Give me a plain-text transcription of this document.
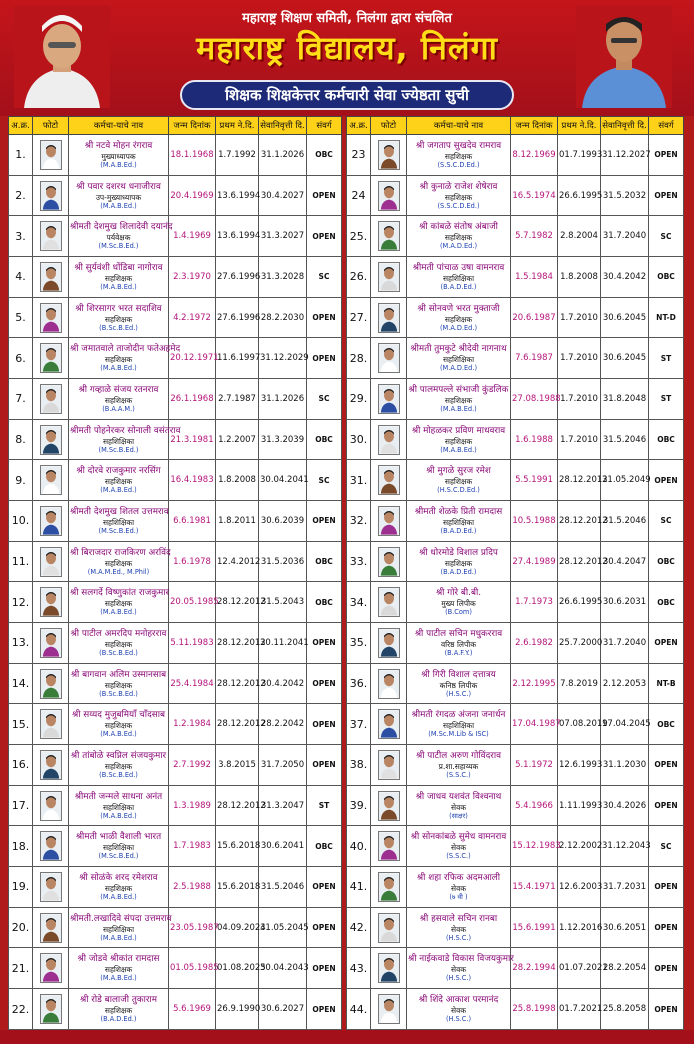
महाराष्ट्र शिक्षण समिती, निलंगा द्वारा संचलित
महाराष्ट्र विद्यालय, निलंगा
शिक्षक शिक्षकेत्तर कर्मचारी सेवा ज्येष्ठता सुची
अ.क्र.	फोटो	कर्मचा-याचे नाव	जन्म दिनांक	प्रथम ने.दि.	सेवानिवृत्ती दि.	संवर्ग
1.		श्री नटवे मोहन रंगराव
मुख्याध्यापक
(M.A.B.Ed.)	18.1.1968	1.7.1992	31.1.2026	OBC
2.		श्री पवार दशरथ धनाजीराव
उप-मुख्याध्यापक
(M.A.B.Ed.)	20.4.1969	13.6.1994	30.4.2027	OPEN
3.		श्रीमती देशमुख शिलादेवी दयानंद
पर्यवेक्षक
(M.Sc.B.Ed.)	1.4.1969	13.6.1994	31.3.2027	OPEN
4.		श्री सुर्यवंशी धोंडिबा नागोराव
सहशिक्षक
(M.A.B.Ed.)	2.3.1970	27.6.1996	31.3.2028	SC
5.		श्री शिरसागर भरत सदाशिव
सहशिक्षक
(B.Sc.B.Ed.)	4.2.1972	27.6.1996	28.2.2030	OPEN
6.		श्री जमातवाले ताजोदीन फतेअहमेद
सहशिक्षक
(M.A.B.Ed.)	20.12.1971	11.6.1997	31.12.2029	OPEN
7.		श्री गव्हाळे संजय रतनराव
सहशिक्षक
(B.A.A.M.)	26.1.1968	2.7.1987	31.1.2026	SC
8.		श्रीमती पोहनेरकर सोनाली वसंतराव
सहशिक्षिका
(M.Sc.B.Ed.)	21.3.1981	1.2.2007	31.3.2039	OBC
9.		श्री दोरवे राजकुमार नरसिंग
सहशिक्षक
(M.A.B.Ed.)	16.4.1983	1.8.2008	30.04.2041	SC
10.		श्रीमती देशमुख शितल उत्तमराव
सहशिक्षिका
(M.Sc.B.Ed.)	6.6.1981	1.8.2011	30.6.2039	OPEN
11.		श्री बिराजदार राजकिरण अरविंद
सहशिक्षक
(M.A.M.Ed., M.Phil)	1.6.1978	12.4.2012	31.5.2036	OBC
12.		श्री सलगर्दे विष्णुकांत राजकुमार
सहशिक्षक
(M.A.B.Ed.)	20.05.1985	28.12.2012	31.5.2043	OBC
13.		श्री पाटील अमरदिप मनोहरराव
सहशिक्षक
(B.Sc.B.Ed.)	5.11.1983	28.12.2012	30.11.2041	OPEN
14.		श्री बागवान अलिम उस्मानसाब
सहशिक्षक
(B.Sc.B.Ed.)	25.4.1984	28.12.2012	30.4.2042	OPEN
15.		श्री सय्यद मुजुबमियाँ चाँदसाब
सहशिक्षक
(M.A.B.Ed.)	1.2.1984	28.12.2012	28.2.2042	OPEN
16.		श्री तांबोळे स्वप्निल संजयकुमार
सहशिक्षक
(B.Sc.B.Ed.)	2.7.1992	3.8.2015	31.7.2050	OPEN
17.		श्रीमती जन्मले साधना अनंत
सहशिक्षिका
(M.A.B.Ed.)	1.3.1989	28.12.2012	31.3.2047	ST
18.		श्रीमती भाळी वैशाली भारत
सहशिक्षिका
(M.Sc.B.Ed.)	1.7.1983	15.6.2018	30.6.2041	OBC
19.		श्री सोळंके शरद रमेशराव
सहशिक्षक
(M.A.B.Ed.)	2.5.1988	15.6.2018	31.5.2046	OPEN
20.		श्रीमती.लखादिवे संपदा उत्तमराव
सहशिक्षिका
(M.A.B.Ed.)	23.05.1987	04.09.2024	31.05.2045	OPEN
21.		श्री जोडवे श्रीकांत रामदास
सहशिक्षक
(M.A.B.Ed.)	01.05.1985	01.08.2025	30.04.2043	OPEN
22.		श्री रोडे बालाजी तुकाराम
सहशिक्षक
(B.A.D.Ed.)	5.6.1969	26.9.1990	30.6.2027	OPEN
अ.क्र.	फोटो	कर्मचा-याचे नाव	जन्म दिनांक	प्रथम ने.दि.	सेवानिवृत्ती दि.	संवर्ग
23		श्री जगताप सुखदेव रामराव
सहशिक्षक
(S.S.C.D.Ed.)	8.12.1969	01.7.1993	31.12.2027	OPEN
24		श्री कुनाळे राजेश शेषेराव
सहशिक्षक
(S.S.C.D.Ed.)	16.5.1974	26.6.1995	31.5.2032	OPEN
25.		श्री कांबळे संतोष अंबाजी
सहशिक्षक
(M.A.D.Ed.)	5.7.1982	2.8.2004	31.7.2040	SC
26.		श्रीमती पांचाळ उषा वामनराव
सहशिक्षिका
(B.A.D.Ed.)	1.5.1984	1.8.2008	30.4.2042	OBC
27.		श्री सोनवणे भरत मुक्ताजी
सहशिक्षक
(M.A.D.Ed.)	20.6.1987	1.7.2010	30.6.2045	NT-D
28.		श्रीमती तुमकुटे श्रीदेवी नागनाथ
सहशिक्षिका
(M.A.D.Ed.)	7.6.1987	1.7.2010	30.6.2045	ST
29.		श्री पालमपल्ले संभाजी कुंडलिक
सहशिक्षक
(M.A.B.Ed.)	27.08.1988	1.7.2010	31.8.2048	ST
30.		श्री मोहळकर प्रविण माधवराव
सहशिक्षक
(M.A.B.Ed.)	1.6.1988	1.7.2010	31.5.2046	OBC
31.		श्री मुगळे सुरज रमेश
सहशिक्षक
(H.S.C.D.Ed.)	5.5.1991	28.12.2012	31.05.2049	OPEN
32.		श्रीमती शेळके प्रिती रामदास
सहशिक्षिका
(B.A.D.Ed.)	10.5.1988	28.12.2012	31.5.2046	SC
33.		श्री धोरमोडे विशाल प्रदिप
सहशिक्षक
(B.A.D.Ed.)	27.4.1989	28.12.2012	30.4.2047	OBC
34.		श्री गोरे बी.बी.
मुख्य लिपीक
(B.Com)	1.7.1973	26.6.1995	30.6.2031	OBC
35.		श्री पाटील सचिन मधुकरराव
वरिष्ठ लिपीक
(B.A.F.Y.)	2.6.1982	25.7.2000	31.7.2040	OPEN
36.		श्री गिरी विशाल दत्तात्रय
कनिष्ठ लिपीक
(H.S.C.)	2.12.1995	7.8.2019	2.12.2053	NT-B
37.		श्रीमती रंगदळ अंजना जनार्धन
सहशिक्षिका
(M.Sc.M.Lib & ISC)	17.04.1987	07.08.2019	17.04.2045	OBC
38.		श्री पाटील अरुण गोविंदराव
प्र.शा.सहाय्यक
(S.S.C.)	5.1.1972	12.6.1993	31.1.2030	OPEN
39.		श्री जाधव यशवंत विश्वनाथ
सेवक
(साक्षर)	5.4.1966	1.11.1993	30.4.2026	OPEN
40.		श्री सोनकांबळे सुमेध वामनराव
सेवक
(S.S.C.)	15.12.1983	2.12.2002	31.12.2043	SC
41.		श्री शहा रफिक अदमआली
सेवक
(७ वी )	15.4.1971	12.6.2003	31.7.2031	OPEN
42.		श्री हसवाले सचिन रानबा
सेवक
(H.S.C.)	15.6.1991	1.12.2016	30.6.2051	OPEN
43.		श्री नाईकवाडे विकास विजयकुमार
सेवक
(H.S.C.)	28.2.1994	01.07.2021	28.2.2054	OPEN
44.		श्री शिंदे आकाश परमानंद
सेवक
(H.S.C.)	25.8.1998	01.7.2021	25.8.2058	OPEN
